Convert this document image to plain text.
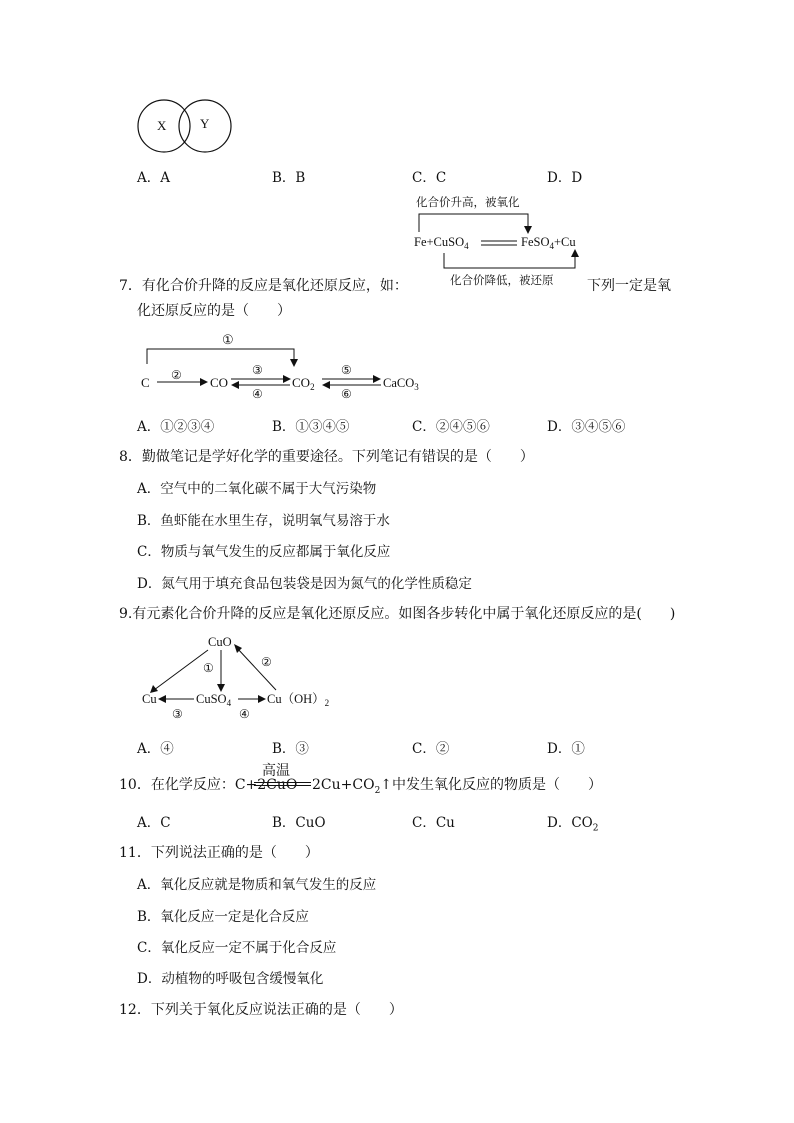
X	Y
A．A	B．B	C．C	D．D
化合价升高，被氧化
Fe+CuSO$_4$	FeSO$_4$+Cu
化合价降低，被还原
7．有化合价升降的反应是氧化还原反应，如：	下列一定是氧
化还原反应的是（　　）
①
C ② CO
③
④
$CO_2$
⑤
⑥
CaCO$_3$
A．①②③④	B．①③④⑤	C．②④⑤⑥	D．③④⑤⑥
8．勤做笔记是学好化学的重要途径。下列笔记有错误的是（　　）
A．空气中的二氧化碳不属于大气污染物
B．鱼虾能在水里生存，说明氧气易溶于水
C．物质与氧气发生的反应都属于氧化反应
D．氮气用于填充食品包装袋是因为氮气的化学性质稳定
9.有元素化合价升降的反应是氧化还原反应。如图各步转化中属于氧化还原反应的是(　　)
CuO
①	②
Cu
③
CuSO$_4$
④
$Cu(OH)_2$
A．④	B．③	C．②	D．①
10．在化学反应：C+2CuO
高温
$2Cu+CO_2↑$中发生氧化反应的物质是（　　）
A．C	B．CuO	C．Cu	D．$CO_2$
11．下列说法正确的是（　　）
A．氧化反应就是物质和氧气发生的反应
B．氧化反应一定是化合反应
C．氧化反应一定不属于化合反应
D．动植物的呼吸包含缓慢氧化
12．下列关于氧化反应说法正确的是（　　）
